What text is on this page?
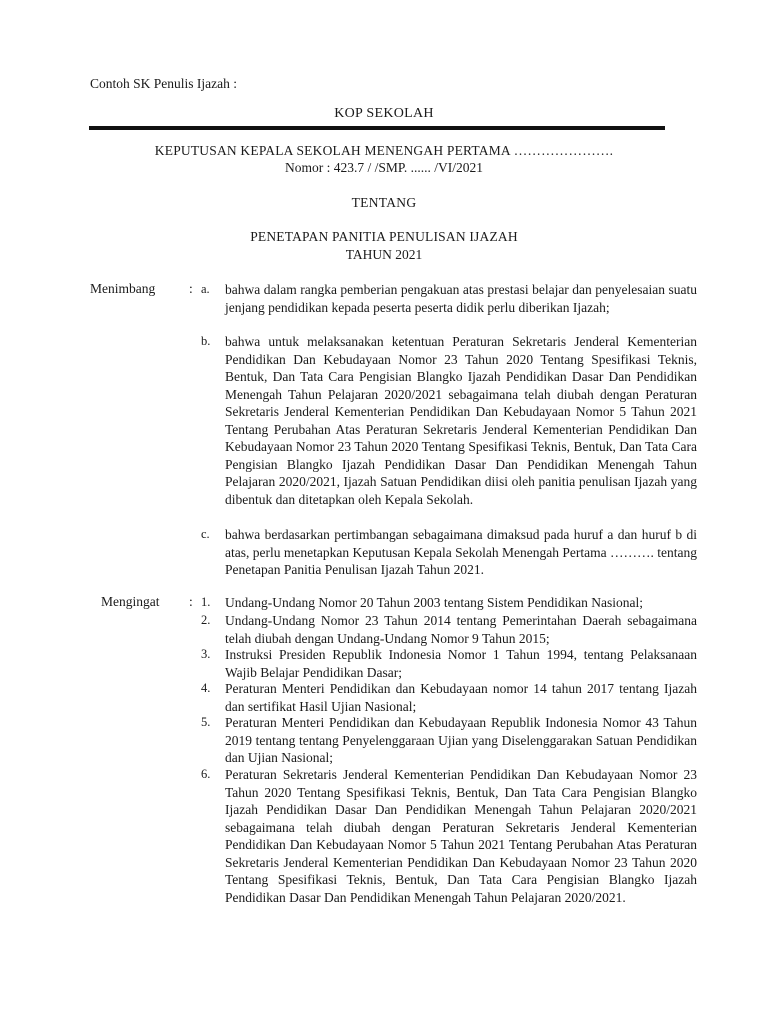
Contoh SK Penulis Ijazah :
KOP SEKOLAH
KEPUTUSAN KEPALA SEKOLAH MENENGAH PERTAMA ………………….
Nomor : 423.7 / /SMP. ...... /VI/2021
TENTANG
PENETAPAN PANITIA PENULISAN IJAZAH
TAHUN 2021
Menimbang	: a. bahwa dalam rangka pemberian pengakuan atas prestasi belajar dan penyelesaian suatu jenjang pendidikan kepada peserta peserta didik perlu diberikan Ijazah;
b. bahwa untuk melaksanakan ketentuan Peraturan Sekretaris Jenderal Kementerian Pendidikan Dan Kebudayaan Nomor 23 Tahun 2020 Tentang Spesifikasi Teknis, Bentuk, Dan Tata Cara Pengisian Blangko Ijazah Pendidikan Dasar Dan Pendidikan Menengah Tahun Pelajaran 2020/2021 sebagaimana telah diubah dengan Peraturan Sekretaris Jenderal Kementerian Pendidikan Dan Kebudayaan Nomor 5 Tahun 2021 Tentang Perubahan Atas Peraturan Sekretaris Jenderal Kementerian Pendidikan Dan Kebudayaan Nomor 23 Tahun 2020 Tentang Spesifikasi Teknis, Bentuk, Dan Tata Cara Pengisian Blangko Ijazah Pendidikan Dasar Dan Pendidikan Menengah Tahun Pelajaran 2020/2021, Ijazah Satuan Pendidikan diisi oleh panitia penulisan Ijazah yang dibentuk dan ditetapkan oleh Kepala Sekolah.
c. bahwa berdasarkan pertimbangan sebagaimana dimaksud pada huruf a dan huruf b di atas, perlu menetapkan Keputusan Kepala Sekolah Menengah Pertama ………. tentang Penetapan Panitia Penulisan Ijazah Tahun 2021.
Mengingat : 1. Undang-Undang Nomor 20 Tahun 2003 tentang Sistem Pendidikan Nasional;
2. Undang-Undang Nomor 23 Tahun 2014 tentang Pemerintahan Daerah sebagaimana telah diubah dengan Undang-Undang Nomor 9 Tahun 2015;
3. Instruksi Presiden Republik Indonesia Nomor 1 Tahun 1994, tentang Pelaksanaan Wajib Belajar Pendidikan Dasar;
4. Peraturan Menteri Pendidikan dan Kebudayaan nomor 14 tahun 2017 tentang Ijazah dan sertifikat Hasil Ujian Nasional;
5. Peraturan Menteri Pendidikan dan Kebudayaan Republik Indonesia Nomor 43 Tahun 2019 tentang tentang Penyelenggaraan Ujian yang Diselenggarakan Satuan Pendidikan dan Ujian Nasional;
6. Peraturan Sekretaris Jenderal Kementerian Pendidikan Dan Kebudayaan Nomor 23 Tahun 2020 Tentang Spesifikasi Teknis, Bentuk, Dan Tata Cara Pengisian Blangko Ijazah Pendidikan Dasar Dan Pendidikan Menengah Tahun Pelajaran 2020/2021 sebagaimana telah diubah dengan Peraturan Sekretaris Jenderal Kementerian Pendidikan Dan Kebudayaan Nomor 5 Tahun 2021 Tentang Perubahan Atas Peraturan Sekretaris Jenderal Kementerian Pendidikan Dan Kebudayaan Nomor 23 Tahun 2020 Tentang Spesifikasi Teknis, Bentuk, Dan Tata Cara Pengisian Blangko Ijazah Pendidikan Dasar Dan Pendidikan Menengah Tahun Pelajaran 2020/2021.
